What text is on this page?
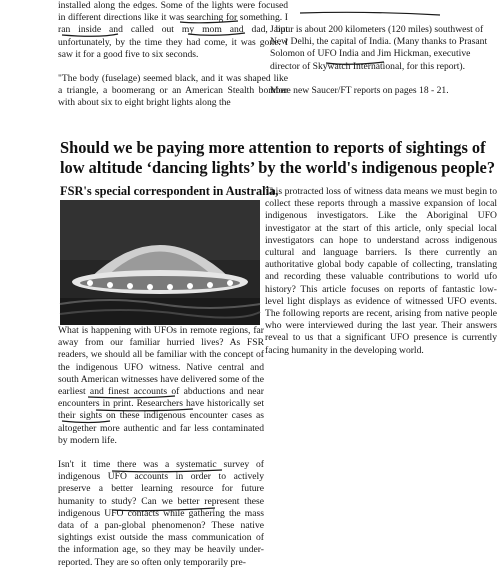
installed along the edges. Some of the lights were focused in different directions like it was searching for something. I ran inside and called out my mom and dad, but unfortunately, by the time they had come, it was gone. I saw it for a good five to six seconds.

"The body (fuselage) seemed black, and it was shaped like a triangle, a boomerang or an American Stealth bomber with about six to eight bright lights along the

Jaipur is about 200 kilometers (120 miles) southwest of New Delhi, the capital of India. (Many thanks to Prasant Solomon of UFO India and Jim Hickman, executive director of Skywatch International, for this report).

More new Saucer/FT reports on pages 18 - 21.

Should we be paying more attention to reports of sightings of low altitude ‘dancing lights’ by the world's indigenous people?
FSR's special correspondent in Australia,

What is happening with UFOs in remote regions, far away from our familiar hurried lives? As FSR readers, we should all be familiar with the concept of the indigenous UFO witness. Native central and south American witnesses have delivered some of the earliest and finest accounts of abductions and near encounters in print. Researchers have historically set their sights on these indigenous encounter cases as altogether more authentic and far less contaminated by modern life.

Isn't it time there was a systematic survey of indigenous UFO accounts in order to actively preserve a better learning resource for future humanity to study? Can we better represent these indigenous UFO contacts while gathering the mass data of a pan-global phenomenon? These native sightings exist outside the mass communication of the information age, so they may be heavily under-reported. They are so often only temporarily pre-

This protracted loss of witness data means we must begin to collect these reports through a massive expansion of local indigenous investigators. Like the Aboriginal UFO investigator at the start of this article, only special local investigators can hope to understand across indigenous cultural and language barriers. Is there currently an authoritative global body capable of collecting, translating and recording these valuable contributions to world ufo history? This article focuses on reports of fantastic low-level light displays as evidence of witnessed UFO events. The following reports are recent, arising from native people who were interviewed during the last year. Their answers reveal to us that a significant UFO presence is currently facing humanity in the developing world.
